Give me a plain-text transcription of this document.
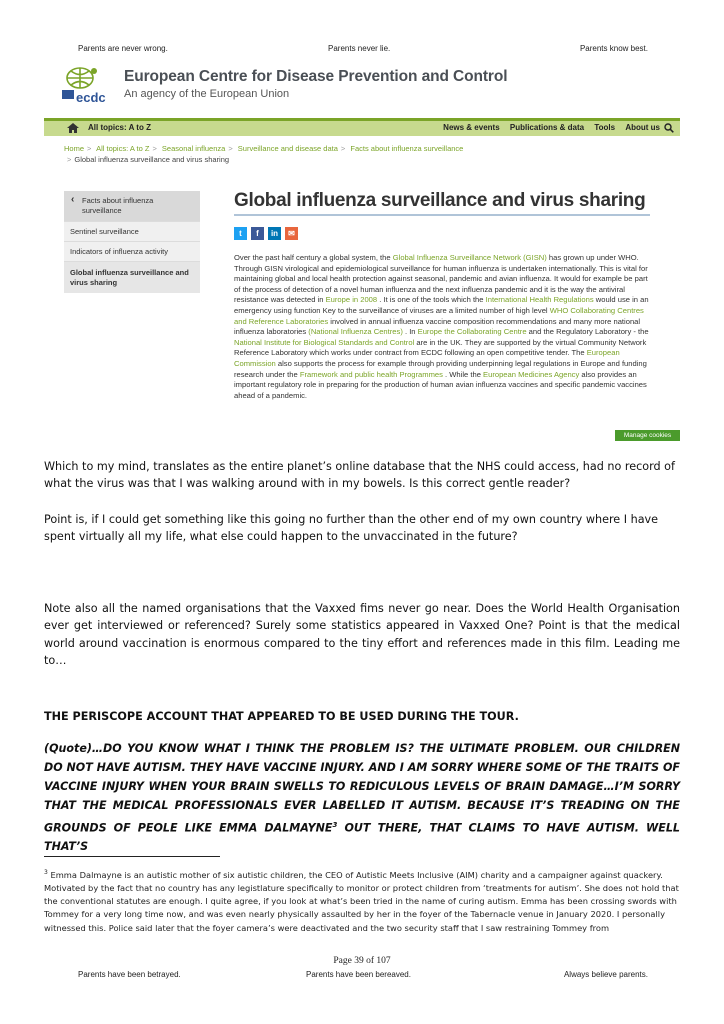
Parents are never wrong.	Parents never lie.	Parents know best.
ecdc
European Centre for Disease Prevention and Control
An agency of the European Union
All topics: A to Z	News & events Publications & data Tools About us
Home > All topics: A to Z > Seasonal influenza > Surveillance and disease data > Facts about influenza surveillance
> Global influenza surveillance and virus sharing
‹ Facts about influenza surveillance
Sentinel surveillance
Indicators of influenza activity
Global influenza surveillance and virus sharing
Global influenza surveillance and virus sharing
t	f	in	✉
Over the past half century a global system, the Global Influenza Surveillance Network (GISN) has grown up under WHO. Through GISN virological and epidemiological surveillance for human influenza is undertaken internationally. This is vital for maintaining global and local health protection against seasonal, pandemic and avian influenza. It would for example be part of the process of detection of a novel human influenza and the next influenza pandemic and it is the way the antiviral resistance was detected in Europe in 2008 . It is one of the tools which the International Health Regulations would use in an emergency using function Key to the surveillance of viruses are a limited number of high level WHO Collaborating Centres and Reference Laboratories involved in annual influenza vaccine composition recommendations and many more national influenza laboratories (National Influenza Centres) . In Europe the Collaborating Centre and the Regulatory Laboratory - the National Institute for Biological Standards and Control are in the UK. They are supported by the virtual Community Network Reference Laboratory which works under contract from ECDC following an open competitive tender. The European Commission also supports the process for example through providing underpinning legal regulations in Europe and funding research under the Framework and public health Programmes . While the European Medicines Agency also provides an important regulatory role in preparing for the production of human avian influenza vaccines and specific pandemic vaccines ahead of a pandemic.
Manage cookies
Which to my mind, translates as the entire planet’s online database that the NHS could access, had no record of what the virus was that I was walking around with in my bowels. Is this correct gentle reader?
Point is, if I could get something like this going no further than the other end of my own country where I have spent virtually all my life, what else could happen to the unvaccinated in the future?
Note also all the named organisations that the Vaxxed fims never go near. Does the World Health Organisation ever get interviewed or referenced? Surely some statistics appeared in Vaxxed One? Point is that the medical world around vaccination is enormous compared to the tiny effort and references made in this film. Leading me to…
THE PERISCOPE ACCOUNT THAT APPEARED TO BE USED DURING THE TOUR.
(Quote)…DO YOU KNOW WHAT I THINK THE PROBLEM IS? THE ULTIMATE PROBLEM. OUR CHILDREN DO NOT HAVE AUTISM. THEY HAVE VACCINE INJURY. AND I AM SORRY WHERE SOME OF THE TRAITS OF VACCINE INJURY WHEN YOUR BRAIN SWELLS TO REDICULOUS LEVELS OF BRAIN DAMAGE…I’M SORRY THAT THE MEDICAL PROFESSIONALS EVER LABELLED IT AUTISM. BECAUSE IT’S TREADING ON THE GROUNDS OF PEOLE LIKE EMMA DALMAYNE$^3$ OUT THERE, THAT CLAIMS TO HAVE AUTISM. WELL THAT’S
$^3$ Emma Dalmayne is an autistic mother of six autistic children, the CEO of Autistic Meets Inclusive (AIM) charity and a campaigner against quackery. Motivated by the fact that no country has any legistlature specifically to monitor or protect children from ‘treatments for autism’. She does not hold that the conventional statutes are enough. I quite agree, if you look at what’s been tried in the name of curing autism. Emma has been crossing swords with Tommey for a very long time now, and was even nearly physically assaulted by her in the foyer of the Tabernacle venue in January 2020. I personally witnessed this. Police said later that the foyer camera’s were deactivated and the two security staff that I saw restraining Tommey from
Page 39 of 107
Parents have been betrayed.	Parents have been bereaved.	Always believe parents.
